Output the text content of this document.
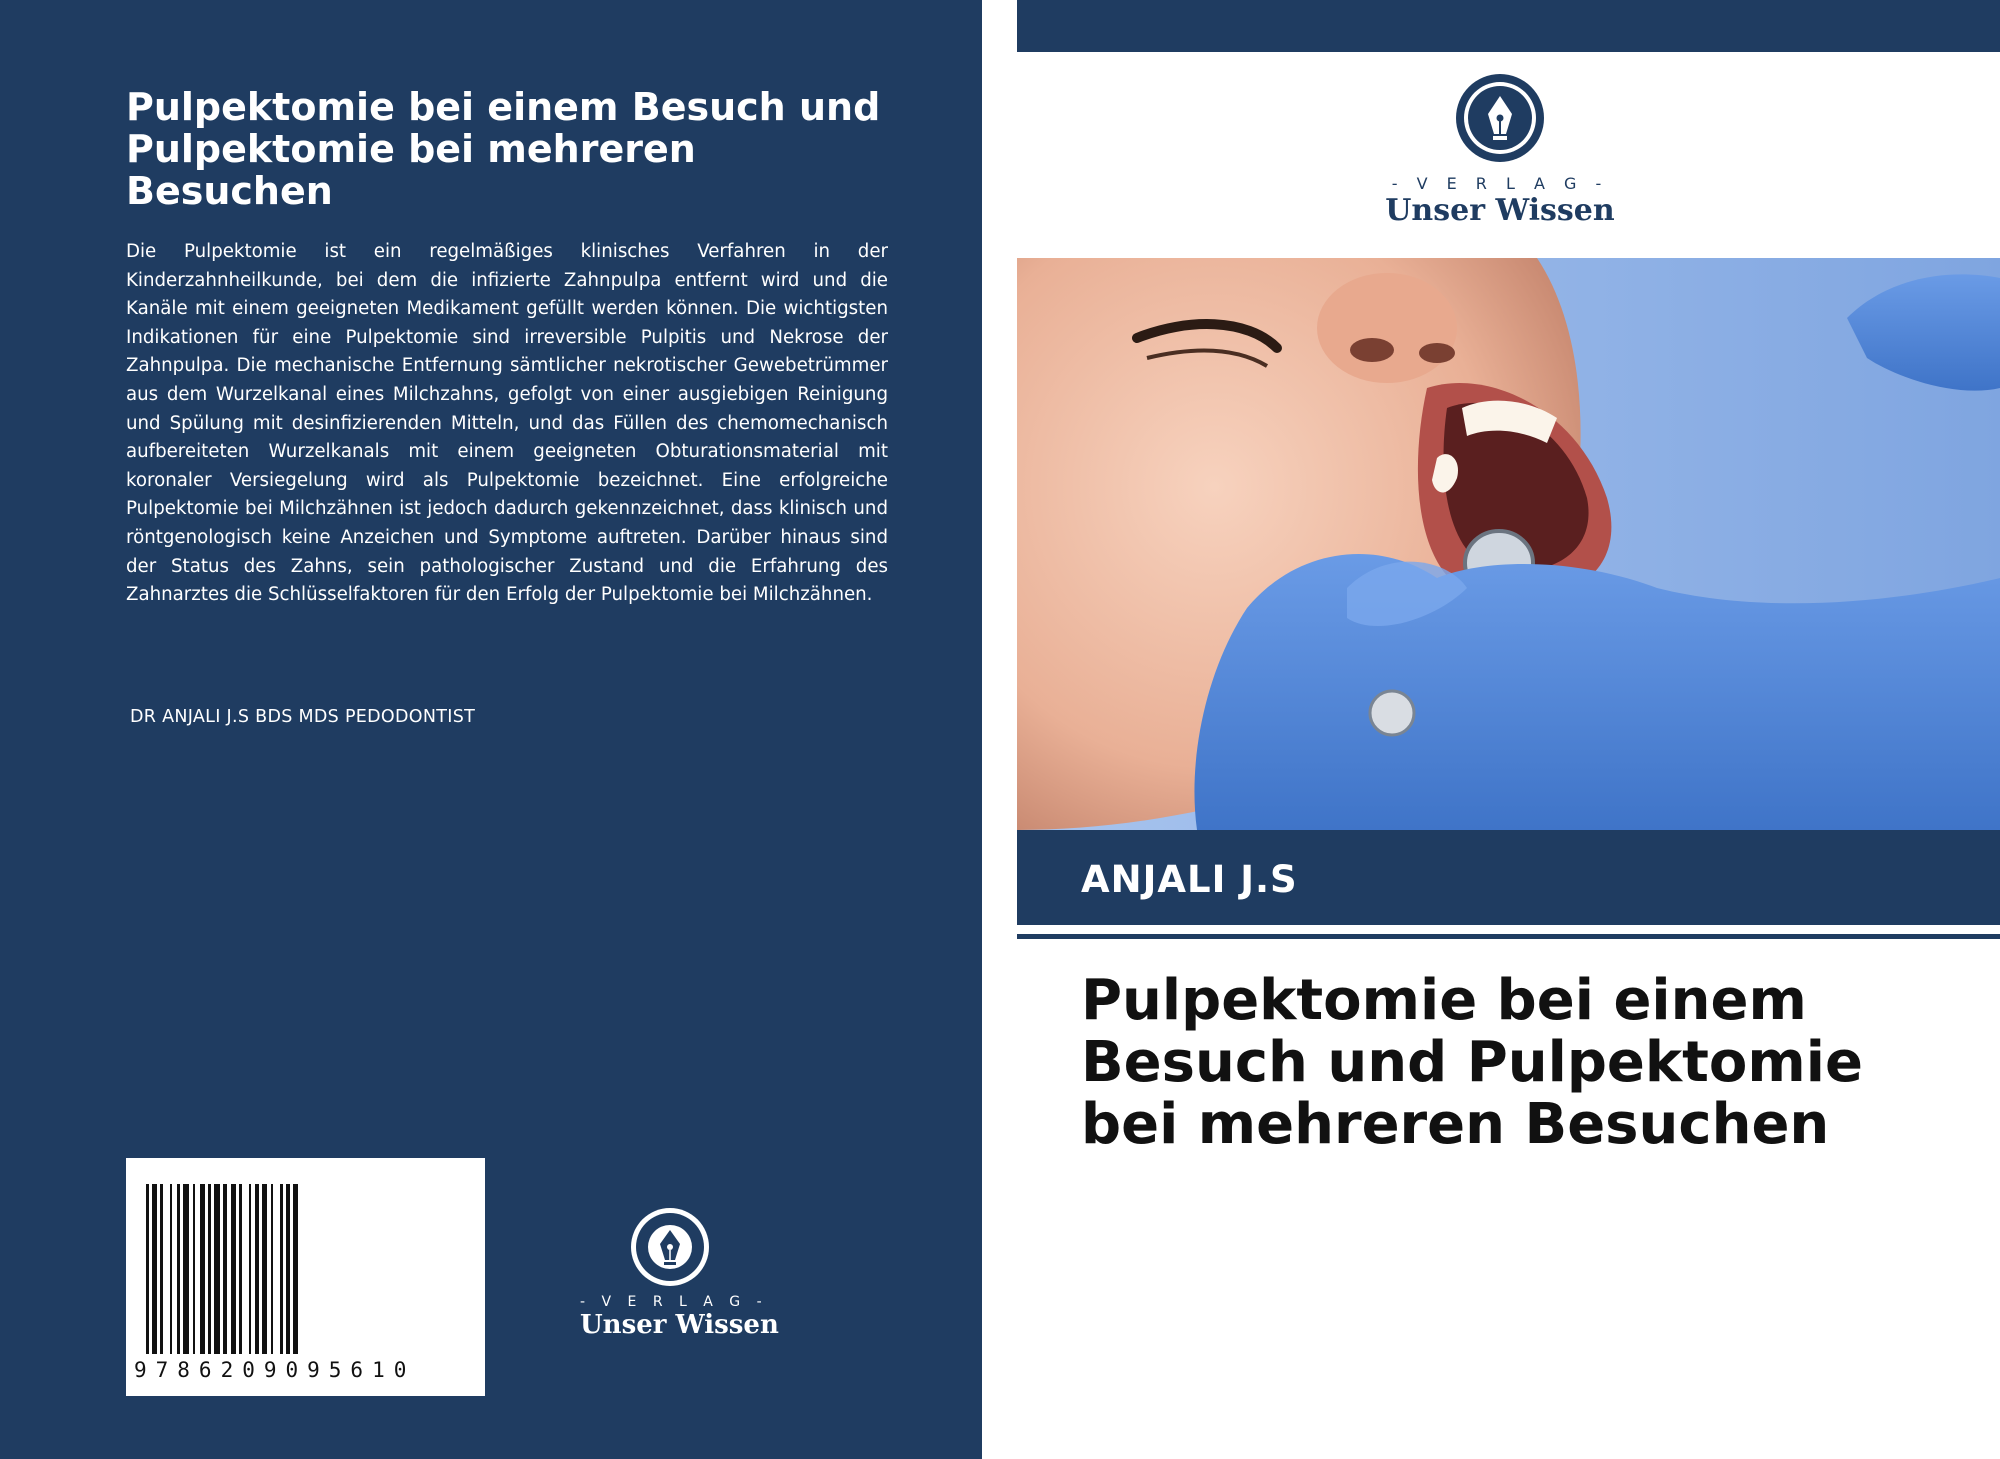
Pulpektomie bei einem Besuch und Pulpektomie bei mehreren Besuchen

Die Pulpektomie ist ein regelmäßiges klinisches Verfahren in der Kinderzahnheilkunde, bei dem die infizierte Zahnpulpa entfernt wird und die Kanäle mit einem geeigneten Medikament gefüllt werden können. Die wichtigsten Indikationen für eine Pulpektomie sind irreversible Pulpitis und Nekrose der Zahnpulpa. Die mechanische Entfernung sämtlicher nekrotischer Gewebetrümmer aus dem Wurzelkanal eines Milchzahns, gefolgt von einer ausgiebigen Reinigung und Spülung mit desinfizierenden Mitteln, und das Füllen des chemomechanisch aufbereiteten Wurzelkanals mit einem geeigneten Obturationsmaterial mit koronaler Versiegelung wird als Pulpektomie bezeichnet. Eine erfolgreiche Pulpektomie bei Milchzähnen ist jedoch dadurch gekennzeichnet, dass klinisch und röntgenologisch keine Anzeichen und Symptome auftreten. Darüber hinaus sind der Status des Zahns, sein pathologischer Zustand und die Erfahrung des Zahnarztes die Schlüsselfaktoren für den Erfolg der Pulpektomie bei Milchzähnen.

DR ANJALI J.S BDS MDS PEDODONTIST
9786209095610
- V E R L A G -
Unser Wissen
- V E R L A G -
Unser Wissen
ANJALI J.S
Pulpektomie bei einem Besuch und Pulpektomie bei mehreren Besuchen
